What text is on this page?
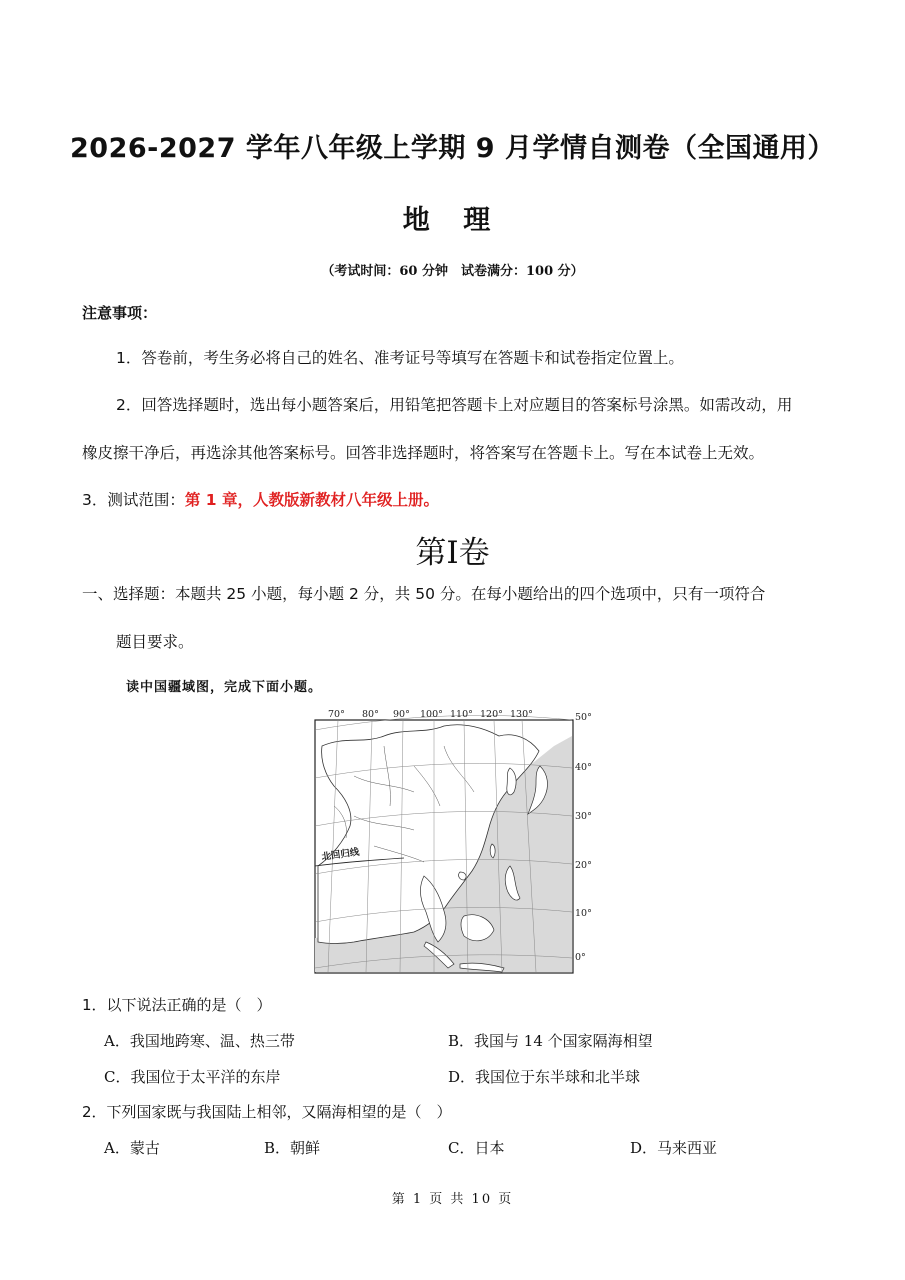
2026-2027 学年八年级上学期 9 月学情自测卷（全国通用）
地 理
（考试时间：60 分钟　试卷满分：100 分）
注意事项：
1．答卷前，考生务必将自己的姓名、准考证号等填写在答题卡和试卷指定位置上。
2．回答选择题时，选出每小题答案后，用铅笔把答题卡上对应题目的答案标号涂黑。如需改动，用
橡皮擦干净后，再选涂其他答案标号。回答非选择题时，将答案写在答题卡上。写在本试卷上无效。
3．测试范围：第 1 章，人教版新教材八年级上册。
第Ⅰ卷
一、选择题：本题共 25 小题，每小题 2 分，共 50 分。在每小题给出的四个选项中，只有一项符合
题目要求。
读中国疆域图，完成下面小题。
北回归线
70° 80° 90° 100° 110° 120° 130°	50°
40°
30°
20°
10°
0°
1．以下说法正确的是（　）
A．我国地跨寒、温、热三带	B．我国与 14 个国家隔海相望
C．我国位于太平洋的东岸	D．我国位于东半球和北半球
2．下列国家既与我国陆上相邻，又隔海相望的是（　）
A．蒙古	B．朝鲜	C．日本	D．马来西亚
第 1 页 共 10 页
